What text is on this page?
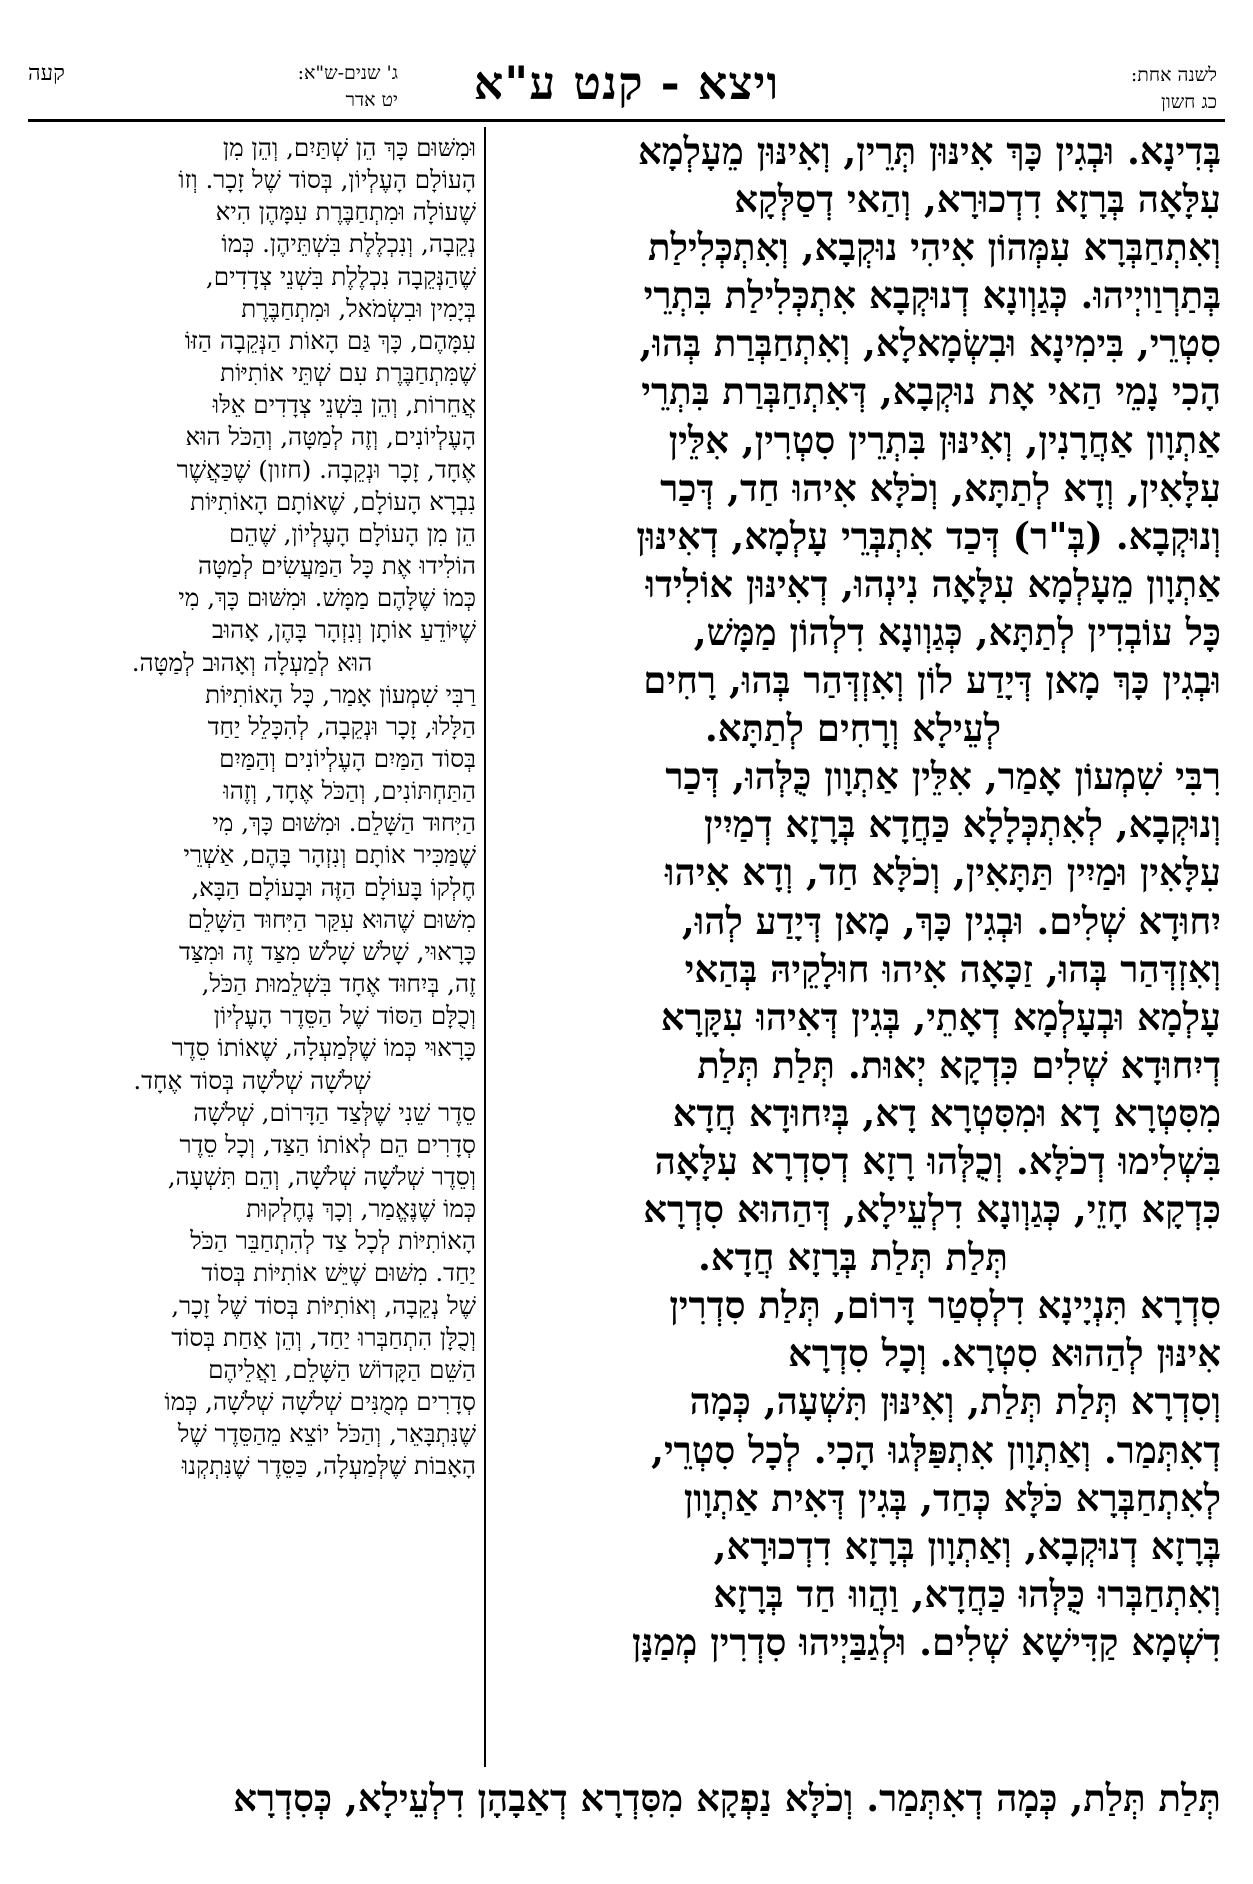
ויצא - קנט ע"א	לשנה אחת:
כג חשון
ג' שנים-ש"א:
יט אדר
קעה
בְּדִינָא. וּבְגִין כָּךְ אִינּוּן תְּרֵין, וְאִינּוּן מֵעָלְמָא
עִלָּאָה בְּרָזָא דִדְכוּרָא, וְהַאי דְסַלְּקָא
וְאִתְחַבְּרָא עִמְּהוֹן אִיהִי נוּקְבָא, וְאִתְכְּלִילַת
בְּתַרְוַויְיהוּ. כְּגַוְונָא דְנוּקְבָא אִתְכְּלִילַת בִּתְרֵי
סִטְרֵי, בִּימִינָא וּבִשְׂמָאלָא, וְאִתְחַבְּרַת בְּהוּ,
הָכִי נָמֵי הַאי אָת נוּקְבָא, דְּאִתְחַבְּרַת בִּתְרֵי
אַתְוָון אַחֲרָנִין, וְאִינּוּן בִּתְרֵין סִטְרִין, אִלֵּין
עִלָּאִין, וְדָא לְתַתָּא, וְכֹלָּא אִיהוּ חַד, דְּכַר
וְנוּקְבָא. (בְּ"ר) דְּכַד אִתְבְּרֵי עָלְמָא, דְאִינּוּן
אַתְוָון מֵעָלְמָא עִלָּאָה נִינְהוּ, דְאִינּוּן אוֹלִידוּ
כָּל עוֹבְדִין לְתַתָּא, כְּגַוְונָא דִלְהוֹן מַמָּשׁ,
וּבְגִין כָּךְ מָאן דְּיָדַע לוֹן וְאִזְדְּהַר בְּהוּ, רָחִים
לְעֵילָא וְרָחִים לְתַתָּא.
רִבִּי שִׁמְעוֹן אָמַר, אִלֵּין אַתְוָון כֻּלְּהוּ, דְּכַר
וְנוּקְבָא, לְאִתְכְּלָלָא כַּחֲדָא בְּרָזָא דְמַיִין
עִלָּאִין וּמַיִין תַּתָּאִין, וְכֹלָּא חַד, וְדָא אִיהוּ
יִחוּדָא שְׁלִים. וּבְגִין כָּךְ, מָאן דְּיָדַע לְהוּ,
וְאִזְדְּהַר בְּהוּ, זַכָּאָה אִיהוּ חוּלָקֵיהּ בְּהַאי
עָלְמָא וּבְעָלְמָא דְאָתֵי, בְּגִין דְּאִיהוּ עִקָּרָא
דְיִחוּדָא שְׁלִים כִּדְקָא יְאוּת. תְּלַת תְּלַת
מִסִּטְרָא דָא וּמִסִּטְרָא דָא, בְּיִחוּדָא חֲדָא
בִּשְׁלִימוּ דְכֹלָּא. וְכֻלְּהוּ רָזָא דְסִדְרָא עִלָּאָה
כִּדְקָא חָזֵי, כְּגַוְונָא דִלְעֵילָא, דְּהַהוּא סִדְרָא
תְּלַת תְּלַת בְּרָזָא חֲדָא.
סִדְרָא תִּנְיָינָא דִלְסְטַר דָּרוֹם, תְּלַת סִדְרִין
אִינּוּן לְהַהוּא סִטְרָא. וְכָל סִדְרָא
וְסִדְרָא תְּלַת תְּלַת, וְאִינּוּן תִּשְׁעָה, כְּמָה
דְאִתְּמַר. וְאַתְוָון אִתְפַּלְּגוּ הָכִי. לְכָל סִטְרֵי,
לְאִתְחַבְּרָא כֹּלָּא כְּחַד, בְּגִין דְּאִית אַתְוָון
בְּרָזָא דְנוּקְבָא, וְאַתְוָון בְּרָזָא דִדְכוּרָא,
וְאִתְחַבְּרוּ כֻּלְּהוּ כַּחֲדָא, וַהֲווּ חַד בְּרָזָא
דִשְׁמָא קַדִּישָׁא שְׁלִים. וּלְגַבַּיְיהוּ סִדְרִין מְמַנָּן
וּמִשּׁוּם כָּךְ הֵן שְׁתַּיִם, וְהֵן מִן
הָעוֹלָם הָעֶלְיוֹן, בְּסוֹד שֶׁל זָכָר. וְזוֹ
שֶׁעוֹלָה וּמִתְחַבֶּרֶת עִמָּהֶן הִיא
נְקֵבָה, וְנִכְלֶלֶת בִּשְׁתֵּיהֶן. כְּמוֹ
שֶׁהַנְּקֵבָה נִכְלֶלֶת בִּשְׁנֵי צְדָדִים,
בְּיָמִין וּבִשְׂמֹאל, וּמִתְחַבֶּרֶת
עִמָּהֶם, כָּךְ גַּם הָאוֹת הַנְּקֵבָה הַזּוֹ
שֶׁמִּתְחַבֶּרֶת עִם שְׁתֵּי אוֹתִיּוֹת
אֲחֵרוֹת, וְהֵן בִּשְׁנֵי צְדָדִים אֵלּוּ
הָעֶלְיוֹנִים, וְזֶה לְמַטָּה, וְהַכֹּל הוּא
אֶחָד, זָכָר וּנְקֵבָה. (חזון) שֶׁכַּאֲשֶׁר
נִבְרָא הָעוֹלָם, שֶׁאוֹתָם הָאוֹתִיּוֹת
הֵן מִן הָעוֹלָם הָעֶלְיוֹן, שֶׁהֵם
הוֹלִידוּ אֶת כָּל הַמַּעֲשִׂים לְמַטָּה
כְּמוֹ שֶׁלָּהֶם מַמָּשׁ. וּמִשּׁוּם כָּךְ, מִי
שֶׁיּוֹדֵעַ אוֹתָן וְנִזְהָר בָּהֶן, אָהוּב
הוּא לְמַעְלָה וְאָהוּב לְמַטָּה.
רַבִּי שִׁמְעוֹן אָמַר, כָּל הָאוֹתִיּוֹת
הַלָּלוּ, זָכָר וּנְקֵבָה, לְהִכָּלֵל יַחַד
בְּסוֹד הַמַּיִם הָעֶלְיוֹנִים וְהַמַּיִם
הַתַּחְתּוֹנִים, וְהַכֹּל אֶחָד, וְזֶהוּ
הַיִּחוּד הַשָּׁלֵם. וּמִשּׁוּם כָּךְ, מִי
שֶׁמַּכִּיר אוֹתָם וְנִזְהָר בָּהֶם, אַשְׁרֵי
חֶלְקוֹ בָּעוֹלָם הַזֶּה וּבָעוֹלָם הַבָּא,
מִשּׁוּם שֶׁהוּא עִקַּר הַיִּחוּד הַשָּׁלֵם
כָּרָאוּי, שָׁלֹשׁ שָׁלֹשׁ מִצַּד זֶה וּמִצַּד
זֶה, בְּיִחוּד אֶחָד בִּשְׁלֵמוּת הַכֹּל,
וְכֻלָּם הַסּוֹד שֶׁל הַסֵּדֶר הָעֶלְיוֹן
כָּרָאוּי כְּמוֹ שֶׁלְּמַעְלָה, שֶׁאוֹתוֹ סֵדֶר
שְׁלֹשָׁה שְׁלֹשָׁה בְּסוֹד אֶחָד.
סֵדֶר שֵׁנִי שֶׁלְּצַד הַדָּרוֹם, שְׁלֹשָׁה
סְדָרִים הֵם לְאוֹתוֹ הַצַּד, וְכָל סֵדֶר
וְסֵדֶר שְׁלֹשָׁה שְׁלֹשָׁה, וְהֵם תִּשְׁעָה,
כְּמוֹ שֶׁנֶּאֱמַר, וְכָךְ נֶחֶלְקוּת
הָאוֹתִיּוֹת לְכָל צַד לְהִתְחַבֵּר הַכֹּל
יַחַד. מִשּׁוּם שֶׁיֵּשׁ אוֹתִיּוֹת בְּסוֹד
שֶׁל נְקֵבָה, וְאוֹתִיּוֹת בְּסוֹד שֶׁל זָכָר,
וְכֻלָּן הִתְחַבְּרוּ יַחַד, וְהֵן אַחַת בְּסוֹד
הַשֵּׁם הַקָּדוֹשׁ הַשָּׁלֵם, וַאֲלֵיהֶם
סְדָרִים מְמֻנִּים שְׁלֹשָׁה שְׁלֹשָׁה, כְּמוֹ
שֶׁנִּתְבָּאֵר, וְהַכֹּל יוֹצֵא מֵהַסֵּדֶר שֶׁל
הָאָבוֹת שֶׁלְּמַעְלָה, כַּסֵּדֶר שֶׁנִּתְקְנוּ
תְּלַת תְּלַת, כְּמָה דְאִתְּמַר. וְכֹלָּא נַפְקָא מִסִּדְרָא דְאַבָהָן דִלְעֵילָא, כְּסִדְרָא
